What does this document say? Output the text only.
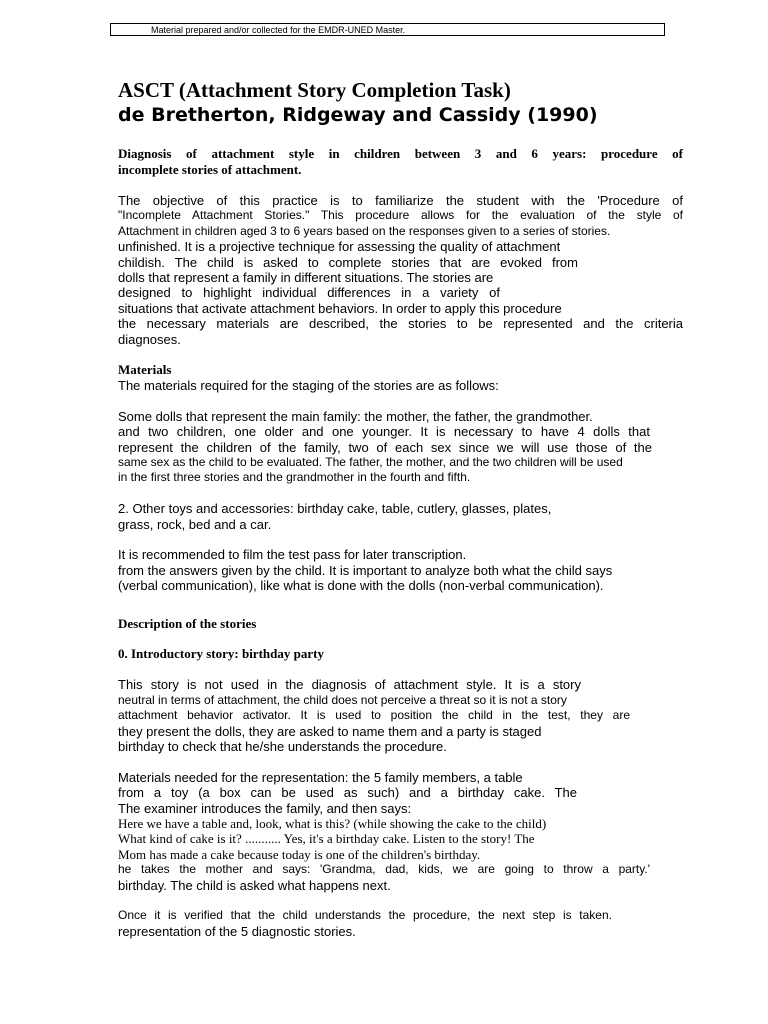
Material prepared and/or collected for the EMDR-UNED Master.
ASCT (Attachment Story Completion Task)
de Bretherton, Ridgeway and Cassidy (1990)

Diagnosis of attachment style in children between 3 and 6 years: procedure of
incomplete stories of attachment.

The objective of this practice is to familiarize the student with the 'Procedure of
"Incomplete Attachment Stories." This procedure allows for the evaluation of the style of
Attachment in children aged 3 to 6 years based on the responses given to a series of stories.
unfinished. It is a projective technique for assessing the quality of attachment
childish. The child is asked to complete stories that are evoked from
dolls that represent a family in different situations. The stories are
designed to highlight individual differences in a variety of
situations that activate attachment behaviors. In order to apply this procedure
the necessary materials are described, the stories to be represented and the criteria
diagnoses.

Materials

The materials required for the staging of the stories are as follows:

Some dolls that represent the main family: the mother, the father, the grandmother.
and two children, one older and one younger. It is necessary to have 4 dolls that
represent the children of the family, two of each sex since we will use those of the
same sex as the child to be evaluated. The father, the mother, and the two children will be used
in the first three stories and the grandmother in the fourth and fifth.

2. Other toys and accessories: birthday cake, table, cutlery, glasses, plates,
grass, rock, bed and a car.

It is recommended to film the test pass for later transcription.
from the answers given by the child. It is important to analyze both what the child says
(verbal communication), like what is done with the dolls (non-verbal communication).

Description of the stories

0. Introductory story: birthday party

This story is not used in the diagnosis of attachment style. It is a story
neutral in terms of attachment, the child does not perceive a threat so it is not a story
attachment behavior activator. It is used to position the child in the test, they are
they present the dolls, they are asked to name them and a party is staged
birthday to check that he/she understands the procedure.

Materials needed for the representation: the 5 family members, a table
from a toy (a box can be used as such) and a birthday cake. The
The examiner introduces the family, and then says:
Here we have a table and, look, what is this? (while showing the cake to the child)
What kind of cake is it? ........... Yes, it's a birthday cake. Listen to the story! The
Mom has made a cake because today is one of the children's birthday.
he takes the mother and says: 'Grandma, dad, kids, we are going to throw a party.'
birthday. The child is asked what happens next.

Once it is verified that the child understands the procedure, the next step is taken.
representation of the 5 diagnostic stories.
